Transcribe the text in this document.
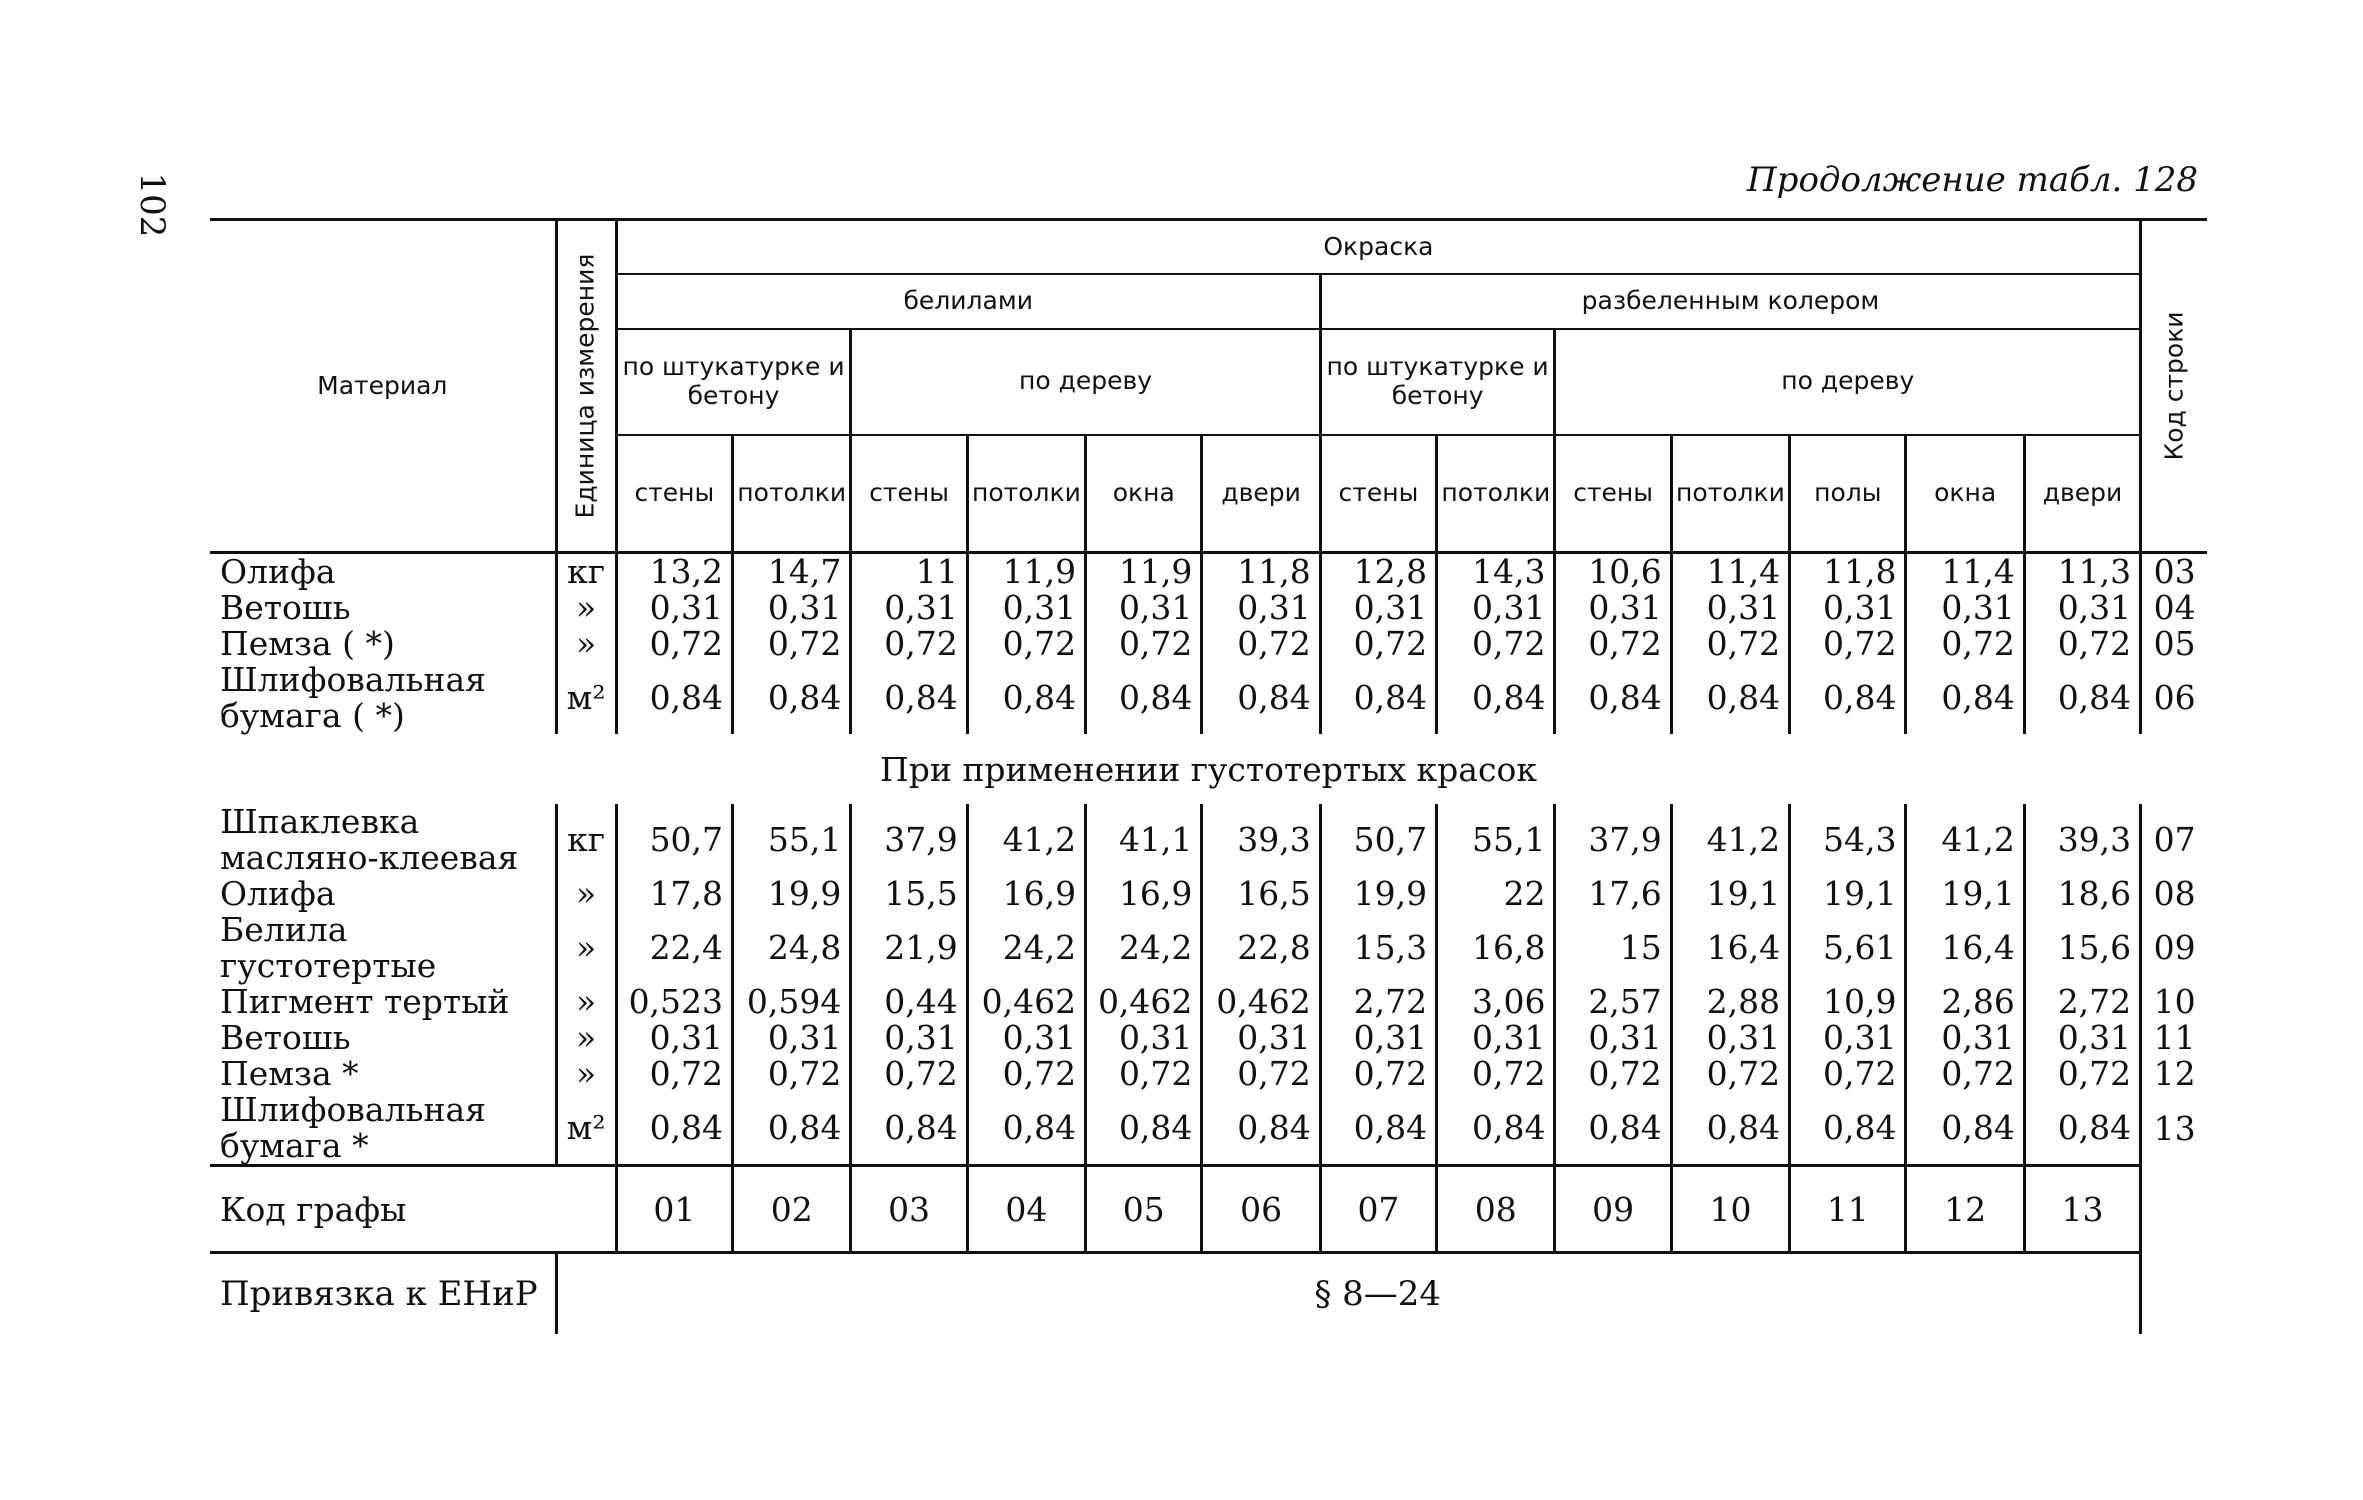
102	Продолжение табл. 128
Материал	Единица измерения	Окраска													Код строки

		белилами						разбеленным колером							
		по штукатурке и бетону		по дереву				по штукатурке и бетону		по дереву					
		стены	потолки	стены	потолки	окна	двери	стены	потолки	стены	потолки	полы	окна	двери	
Олифа	кг	13,2	14,7	11	11,9	11,9	11,8	12,8	14,3	10,6	11,4	11,8	11,4	11,3	03
Ветошь	»	0,31	0,31	0,31	0,31	0,31	0,31	0,31	0,31	0,31	0,31	0,31	0,31	0,31	04
Пемза ( *)	»	0,72	0,72	0,72	0,72	0,72	0,72	0,72	0,72	0,72	0,72	0,72	0,72	0,72	05
Шлифовальная бумага ( *)	м²	0,84	0,84	0,84	0,84	0,84	0,84	0,84	0,84	0,84	0,84	0,84	0,84	0,84	06
При применении густотертых красок															
Шпаклевка масляно-клеевая	кг	50,7	55,1	37,9	41,2	41,1	39,3	50,7	55,1	37,9	41,2	54,3	41,2	39,3	07
Олифа	»	17,8	19,9	15,5	16,9	16,9	16,5	19,9	22	17,6	19,1	19,1	19,1	18,6	08
Белила густотертые	»	22,4	24,8	21,9	24,2	24,2	22,8	15,3	16,8	15	16,4	5,61	16,4	15,6	09
Пигмент тертый	»	0,523	0,594	0,44	0,462	0,462	0,462	2,72	3,06	2,57	2,88	10,9	2,86	2,72	10
Ветошь	»	0,31	0,31	0,31	0,31	0,31	0,31	0,31	0,31	0,31	0,31	0,31	0,31	0,31	11
Пемза *	»	0,72	0,72	0,72	0,72	0,72	0,72	0,72	0,72	0,72	0,72	0,72	0,72	0,72	12
Шлифовальная бумага *	м²	0,84	0,84	0,84	0,84	0,84	0,84	0,84	0,84	0,84	0,84	0,84	0,84	0,84	13
Код графы		01	02	03	04	05	06	07	08	09	10	11	12	13	
Привязка к ЕНиР		§ 8—24													
